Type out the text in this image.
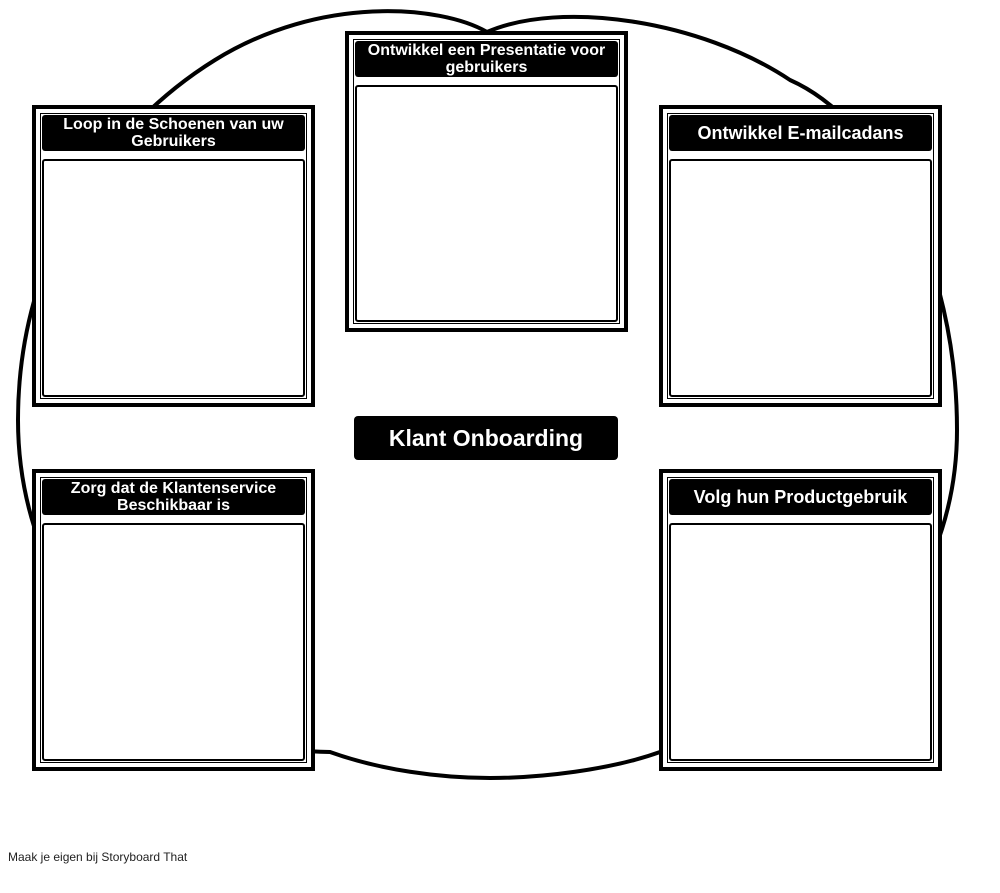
Loop in de Schoenen van uw Gebruikers
Ontwikkel een Presentatie voor gebruikers
Ontwikkel E-mailcadans
Zorg dat de Klantenservice Beschikbaar is	Volg hun Productgebruik
Klant Onboarding
Maak je eigen bij Storyboard That
